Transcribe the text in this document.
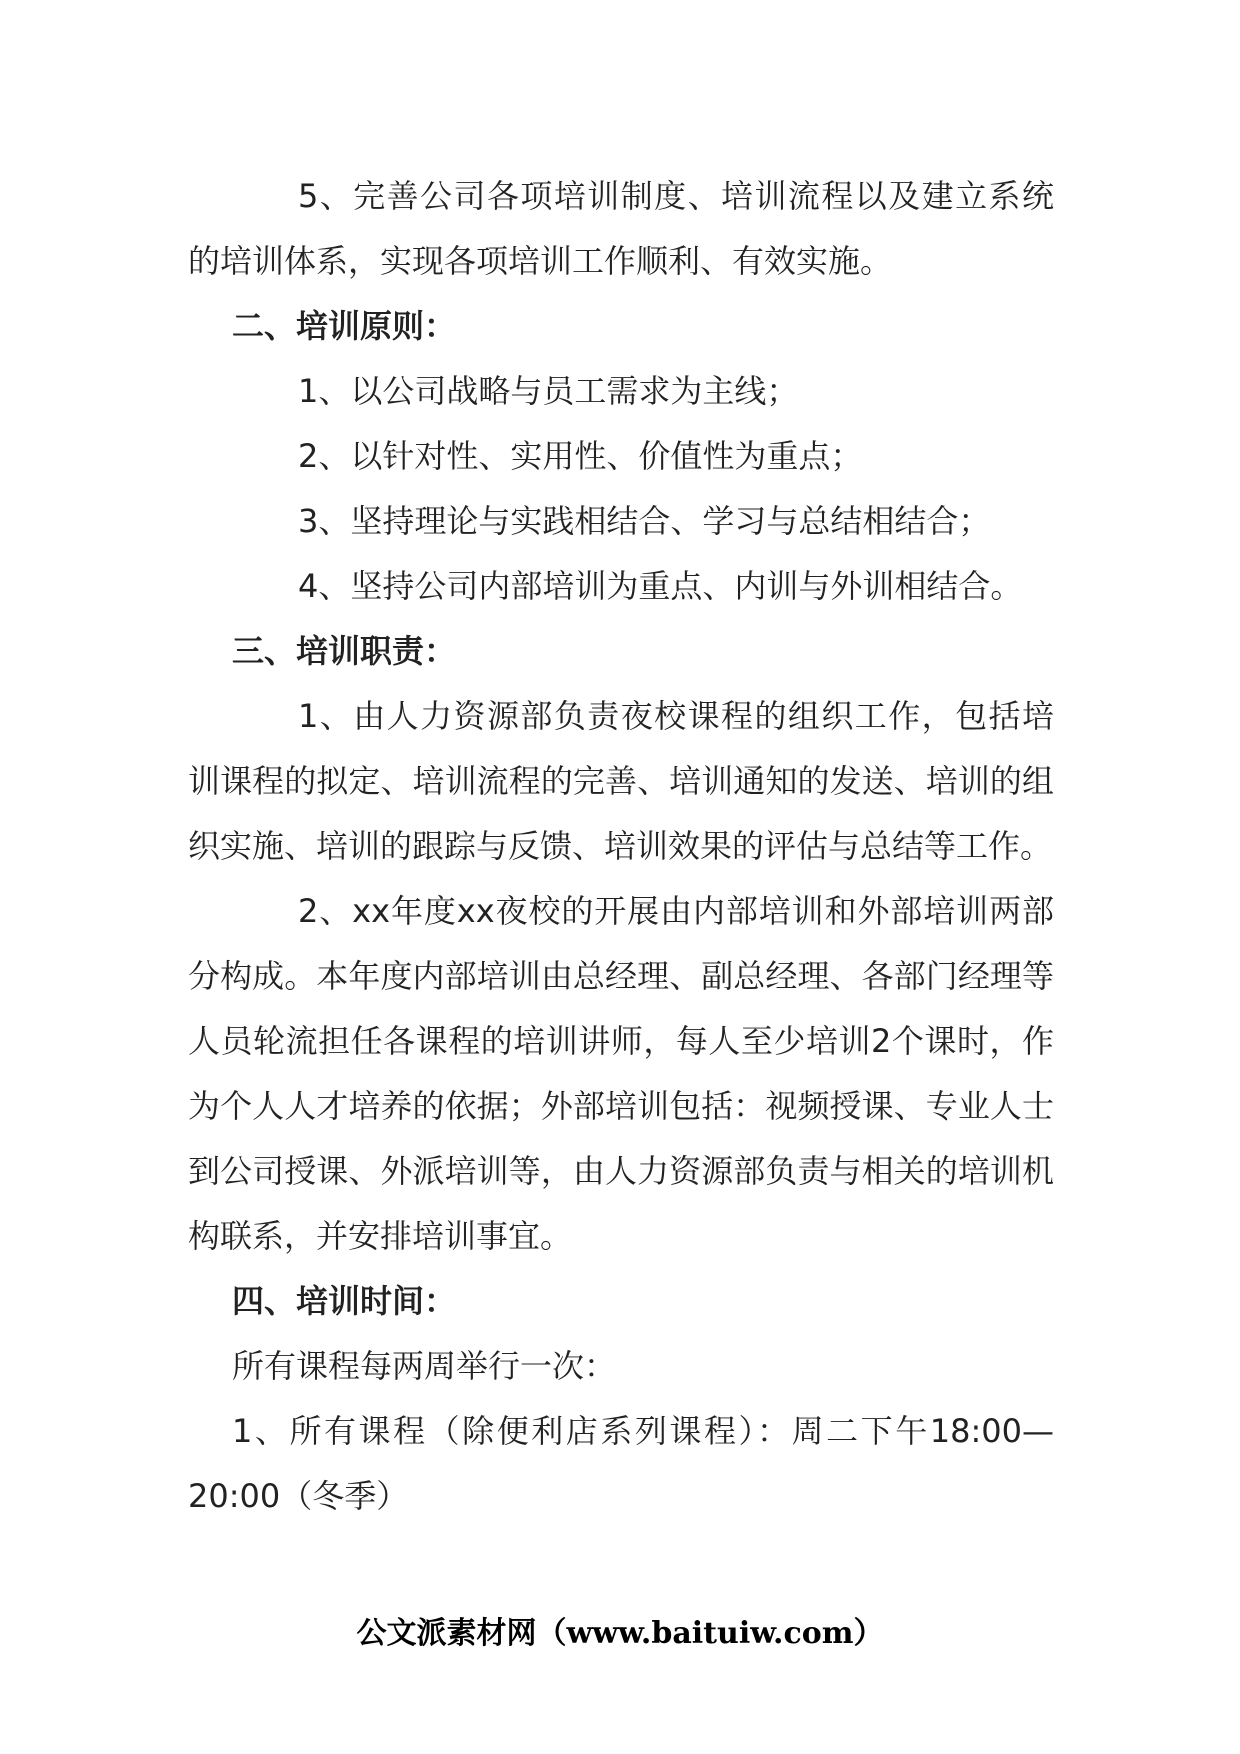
5、完善公司各项培训制度、培训流程以及建立系统的培训体系，实现各项培训工作顺利、有效实施。

二、培训原则：

1、以公司战略与员工需求为主线；

2、以针对性、实用性、价值性为重点；

3、坚持理论与实践相结合、学习与总结相结合；

4、坚持公司内部培训为重点、内训与外训相结合。

三、培训职责：

1、由人力资源部负责夜校课程的组织工作，包括培训课程的拟定、培训流程的完善、培训通知的发送、培训的组织实施、培训的跟踪与反馈、培训效果的评估与总结等工作。

2、xx年度xx夜校的开展由内部培训和外部培训两部分构成。本年度内部培训由总经理、副总经理、各部门经理等人员轮流担任各课程的培训讲师，每人至少培训2个课时，作为个人人才培养的依据；外部培训包括：视频授课、专业人士到公司授课、外派培训等，由人力资源部负责与相关的培训机构联系，并安排培训事宜。

四、培训时间：

所有课程每两周举行一次：

1、所有课程（除便利店系列课程）：周二下午18:00—20:00（冬季）

公文派素材网（www.baituiw.com）
